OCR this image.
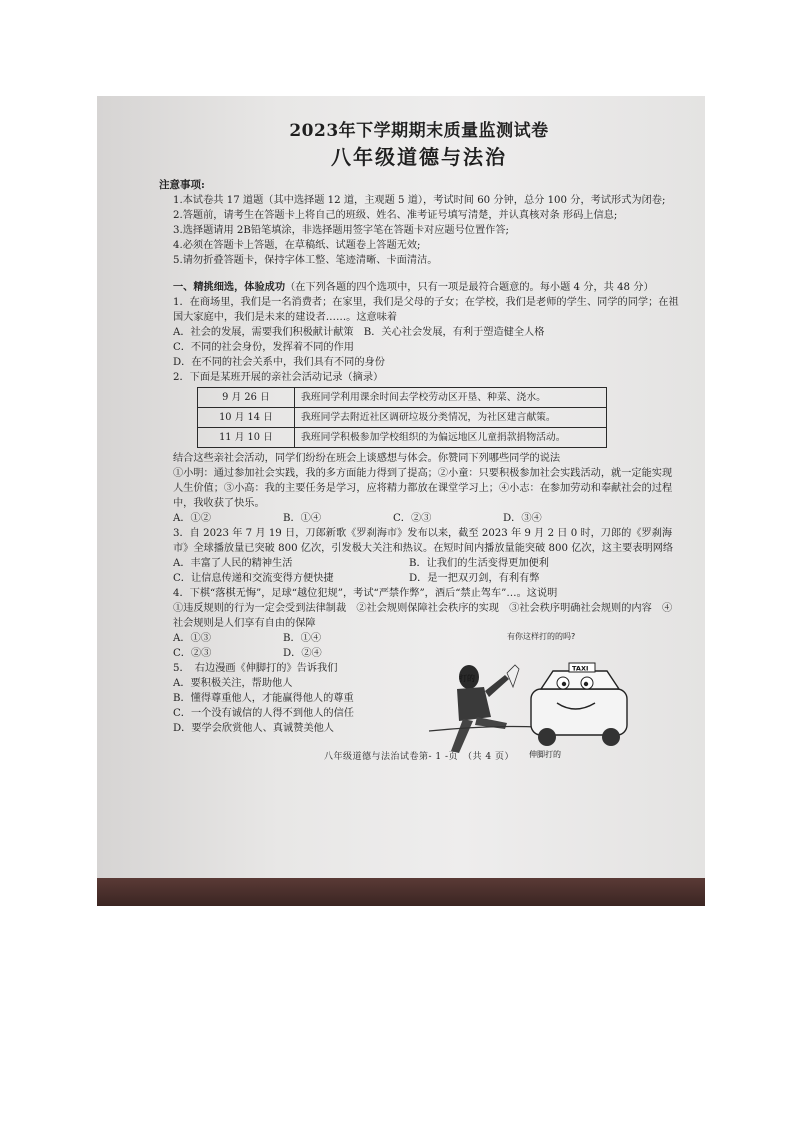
2023年下学期期末质量监测试卷
八年级道德与法治

注意事项:

1.本试卷共 17 道题（其中选择题 12 道，主观题 5 道），考试时间 60 分钟，总分 100 分，考试形式为闭卷;

2.答题前，请考生在答题卡上将自己的班级、姓名、准考证号填写清楚，并认真核对条 形码上信息;

3.选择题请用 2B铅笔填涂，非选择题用签字笔在答题卡对应题号位置作答;

4.必须在答题卡上答题，在草稿纸、试题卷上答题无效;

5.请勿折叠答题卡，保持字体工整、笔迹清晰、卡面清洁。

一、精挑细选，体验成功（在下列各题的四个选项中，只有一项是最符合题意的。每小题 4 分，共 48 分）

1．在商场里，我们是一名消费者；在家里，我们是父母的子女；在学校，我们是老师的学生、同学的同学；在祖国大家庭中，我们是未来的建设者……。这意味着

A．社会的发展，需要我们积极献计献策　B．关心社会发展，有利于塑造健全人格

C．不同的社会身份，发挥着不同的作用

D．在不同的社会关系中，我们具有不同的身份

2．下面是某班开展的亲社会活动记录（摘录）

9 月 26 日	我班同学利用课余时间去学校劳动区开垦、种菜、浇水。
10 月 14 日	我班同学去附近社区调研垃圾分类情况，为社区建言献策。
11 月 10 日	我班同学积极参加学校组织的为偏远地区儿童捐款捐物活动。

结合这些亲社会活动，同学们纷纷在班会上谈感想与体会。你赞同下列哪些同学的说法

①小明：通过参加社会实践，我的多方面能力得到了提高；②小童：只要积极参加社会实践活动，就一定能实现人生价值；③小高：我的主要任务是学习，应将精力都放在课堂学习上；④小志：在参加劳动和奉献社会的过程中，我收获了快乐。

A．①②	B．①④	C．②③	D．③④

3．自 2023 年 7 月 19 日，刀郎新歌《罗刹海市》发布以来，截至 2023 年 9 月 2 日 0 时，刀郎的《罗刹海市》全球播放量已突破 800 亿次，引发极大关注和热议。在短时间内播放量能突破 800 亿次，这主要表明网络

A．丰富了人民的精神生活	B．让我们的生活变得更加便利
C．让信息传递和交流变得方便快捷	D．是一把双刃剑，有利有弊

4．下棋“落棋无悔”，足球“越位犯规”，考试“严禁作弊”，酒后“禁止驾车”…。这说明

①违反规则的行为一定会受到法律制裁　②社会规则保障社会秩序的实现　③社会秩序明确社会规则的内容　④社会规则是人们享有自由的保障

A．①③	B．①④
C．②③	D．②④

5．　右边漫画《伸脚打的》告诉我们

A．要积极关注，帮助他人

B．懂得尊重他人，才能赢得他人的尊重

C．一个没有诚信的人得不到他人的信任

D．要学会欣赏他人、真诚赞美他人

有你这样打的的吗?
打的
TAXI
伸脚打的

八年级道德与法治试卷第- 1 -页　（共 4 页）
